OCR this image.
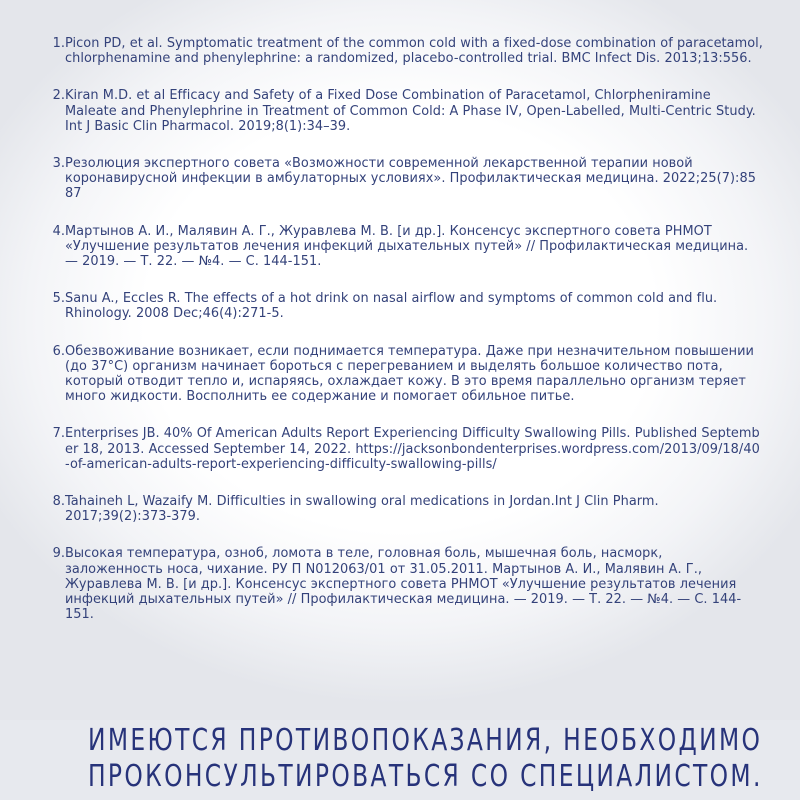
1. Picon PD, et al. Symptomatic treatment of the common cold with a fixed-dose combination of paracetamol, chlorphenamine and phenylephrine: a randomized, placebo-controlled trial. BMC Infect Dis. 2013;13:556.
2. Kiran M.D. et al Efficacy and Safety of a Fixed Dose Combination of Paracetamol, Chlorpheniramine Maleate and Phenylephrine in Treatment of Common Cold: A Phase IV, Open-Labelled, Multi-Centric Study. Int J Basic Clin Pharmacol. 2019;8(1):34–39.
3. Резолюция экспертного совета «Возможности современной лекарственной терапии новой коронавирусной инфекции в амбулаторных условиях». Профилактическая медицина. 2022;25(7):85 87
4. Мартынов А. И., Малявин А. Г., Журавлева М. В. [и др.]. Консенсус экспертного совета РНМОТ «Улучшение результатов лечения инфекций дыхательных путей» // Профилактическая медицина. — 2019. — Т. 22. — №4. — С. 144-151.
5. Sanu A., Eccles R. The effects of a hot drink on nasal airflow and symptoms of common cold and flu. Rhinology. 2008 Dec;46(4):271-5.
6. Обезвоживание возникает, если поднимается температура. Даже при незначительном повышении (до 37°С) организм начинает бороться с перегреванием и выделять большое количество пота, который отводит тепло и, испаряясь, охлаждает кожу. В это время параллельно организм теряет много жидкости. Восполнить ее содержание и помогает обильное питье.
7. Enterprises JB. 40% Of American Adults Report Experiencing Difficulty Swallowing Pills. Published September 18, 2013. Accessed September 14, 2022. https://jacksonbondenterprises.wordpress.com/2013/09/18/40-of-american-adults-report-experiencing-difficulty-swallowing-pills/
8. Tahaineh L, Wazaify M. Difficulties in swallowing oral medications in Jordan.Int J Clin Pharm. 2017;39(2):373-379.
9. Высокая температура, озноб, ломота в теле, головная боль, мышечная боль, насморк, заложенность носа, чихание. РУ П N012063/01 от 31.05.2011. Мартынов А. И., Малявин А. Г., Журавлева М. В. [и др.]. Консенсус экспертного совета РНМОТ «Улучшение результатов лечения инфекций дыхательных путей» // Профилактическая медицина. — 2019. — Т. 22. — №4. — С. 144-151.
ИМЕЮТСЯ ПРОТИВОПОКАЗАНИЯ, НЕОБХОДИМО
ПРОКОНСУЛЬТИРОВАТЬСЯ СО СПЕЦИАЛИСТОМ.
